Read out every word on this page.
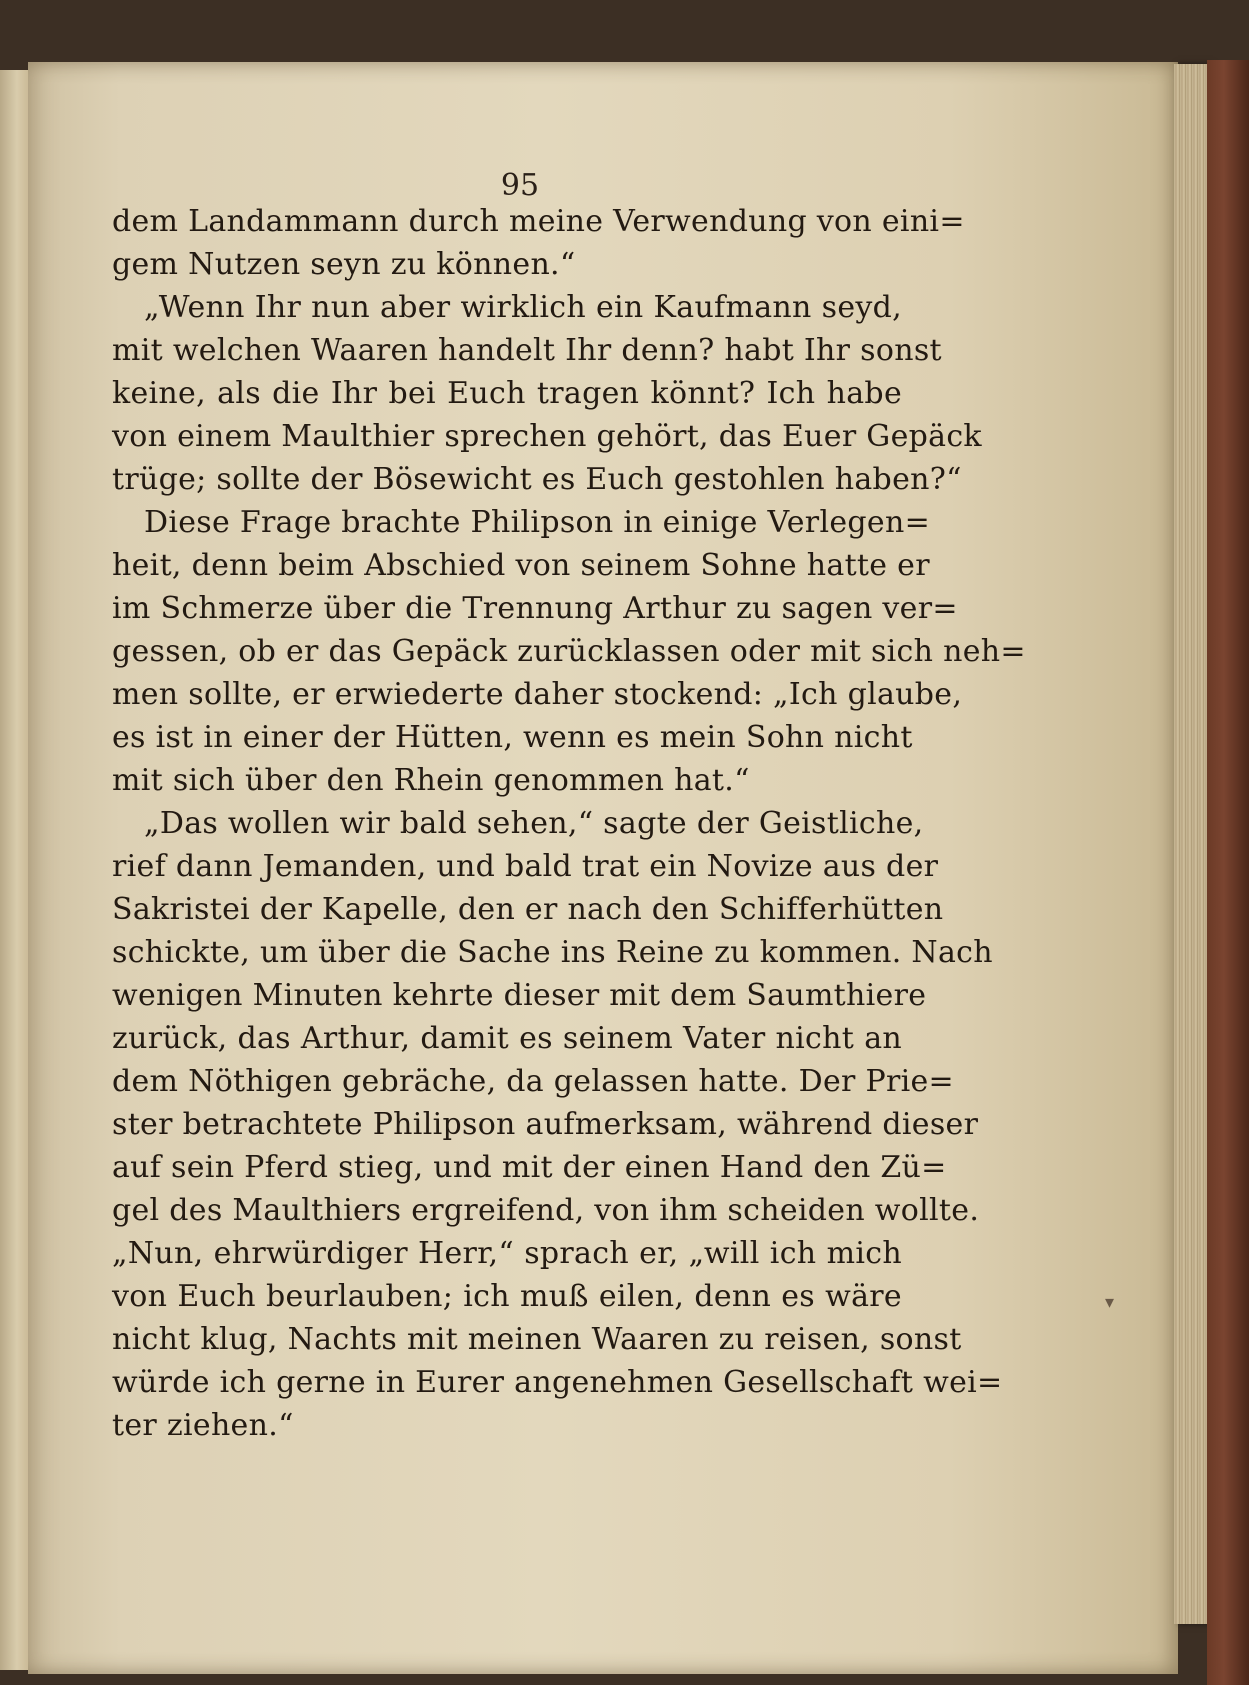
95
dem Landammann durch meine Verwendung von eini=
gem Nutzen seyn zu können.“
„Wenn Ihr nun aber wirklich ein Kaufmann seyd,
mit welchen Waaren handelt Ihr denn? habt Ihr sonst
keine, als die Ihr bei Euch tragen könnt? Ich habe
von einem Maulthier sprechen gehört, das Euer Gepäck
trüge; sollte der Bösewicht es Euch gestohlen haben?“
Diese Frage brachte Philipson in einige Verlegen=
heit, denn beim Abschied von seinem Sohne hatte er
im Schmerze über die Trennung Arthur zu sagen ver=
gessen, ob er das Gepäck zurücklassen oder mit sich neh=
men sollte, er erwiederte daher stockend: „Ich glaube,
es ist in einer der Hütten, wenn es mein Sohn nicht
mit sich über den Rhein genommen hat.“
„Das wollen wir bald sehen,“ sagte der Geistliche,
rief dann Jemanden, und bald trat ein Novize aus der
Sakristei der Kapelle, den er nach den Schifferhütten
schickte, um über die Sache ins Reine zu kommen. Nach
wenigen Minuten kehrte dieser mit dem Saumthiere
zurück, das Arthur, damit es seinem Vater nicht an
dem Nöthigen gebräche, da gelassen hatte. Der Prie=
ster betrachtete Philipson aufmerksam, während dieser
auf sein Pferd stieg, und mit der einen Hand den Zü=
gel des Maulthiers ergreifend, von ihm scheiden wollte.
„Nun, ehrwürdiger Herr,“ sprach er, „will ich mich
von Euch beurlauben; ich muß eilen, denn es wäre
nicht klug, Nachts mit meinen Waaren zu reisen, sonst
würde ich gerne in Eurer angenehmen Gesellschaft wei=
ter ziehen.“
▾
